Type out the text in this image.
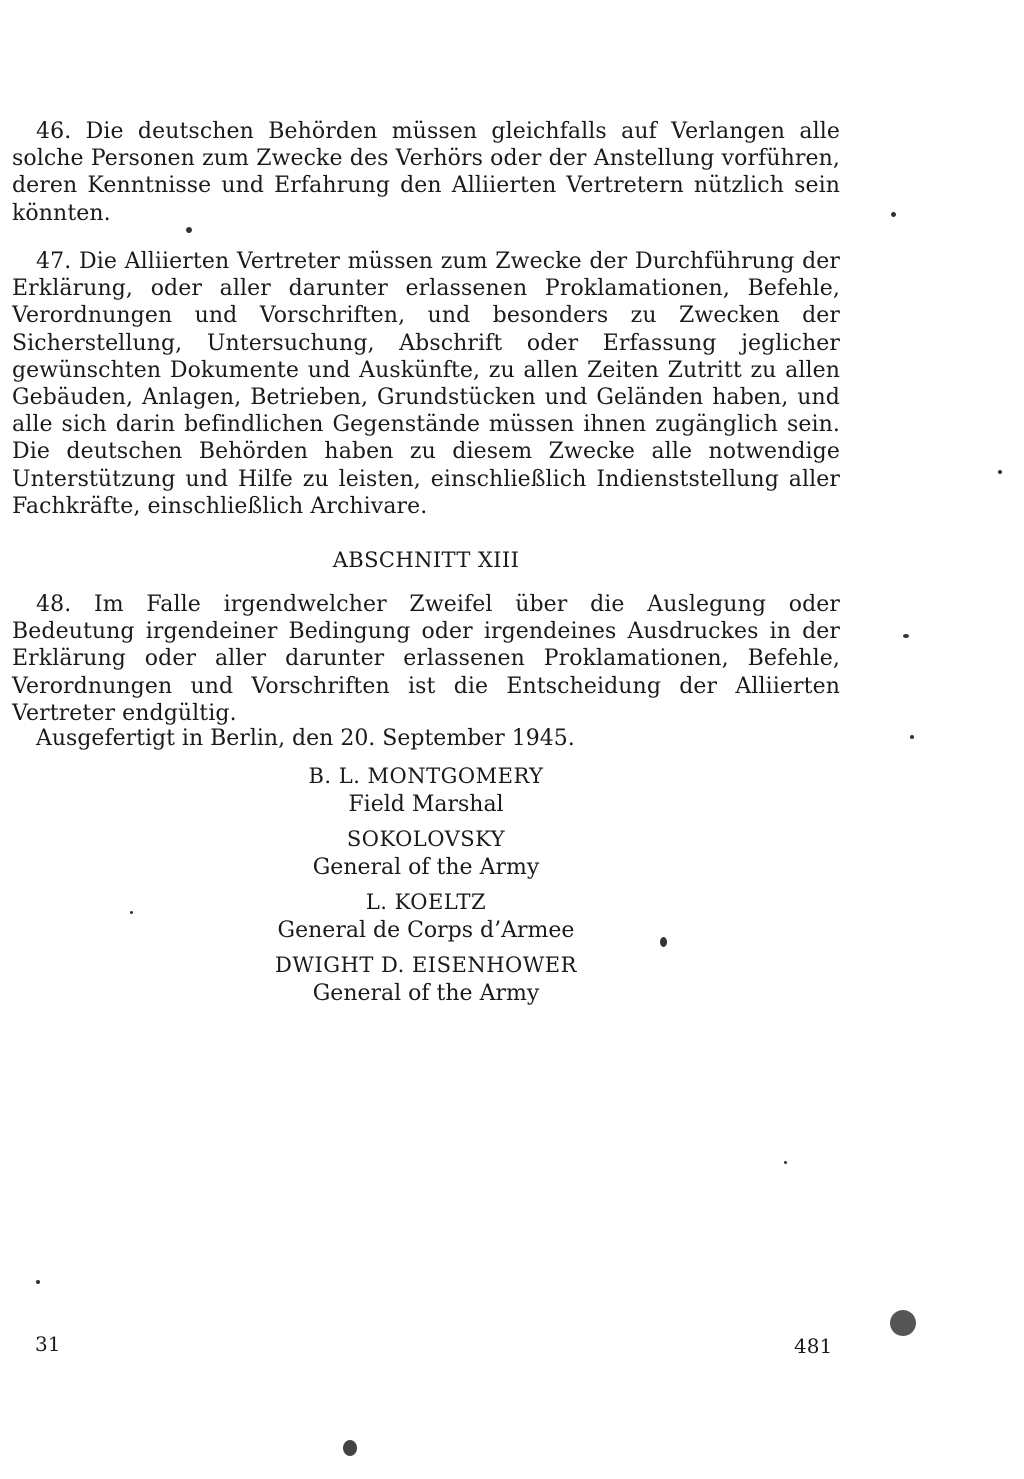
46. Die deutschen Behörden müssen gleichfalls auf Verlangen alle solche Personen zum Zwecke des Verhörs oder der Anstellung vorführen, deren Kenntnisse und Erfahrung den Alliierten Vertretern nützlich sein könnten.

47. Die Alliierten Vertreter müssen zum Zwecke der Durchführung der Erklärung, oder aller darunter erlassenen Proklamationen, Befehle, Verordnungen und Vorschriften, und besonders zu Zwecken der Sicherstellung, Untersuchung, Abschrift oder Erfassung jeglicher gewünschten Dokumente und Auskünfte, zu allen Zeiten Zutritt zu allen Gebäuden, Anlagen, Betrieben, Grundstücken und Geländen haben, und alle sich darin befindlichen Gegenstände müssen ihnen zugänglich sein. Die deutschen Behörden haben zu diesem Zwecke alle notwendige Unterstützung und Hilfe zu leisten, einschließlich Indienststellung aller Fachkräfte, einschließlich Archivare.

ABSCHNITT XIII

48. Im Falle irgendwelcher Zweifel über die Auslegung oder Bedeutung irgendeiner Bedingung oder irgendeines Ausdruckes in der Erklärung oder aller darunter erlassenen Proklamationen, Befehle, Verordnungen und Vorschriften ist die Entscheidung der Alliierten Vertreter endgültig.

Ausgefertigt in Berlin, den 20. September 1945.
B. L. MONTGOMERY
Field Marshal
SOKOLOVSKY
General of the Army
L. KOELTZ
General de Corps d’Armee
DWIGHT D. EISENHOWER
General of the Army
31	481
